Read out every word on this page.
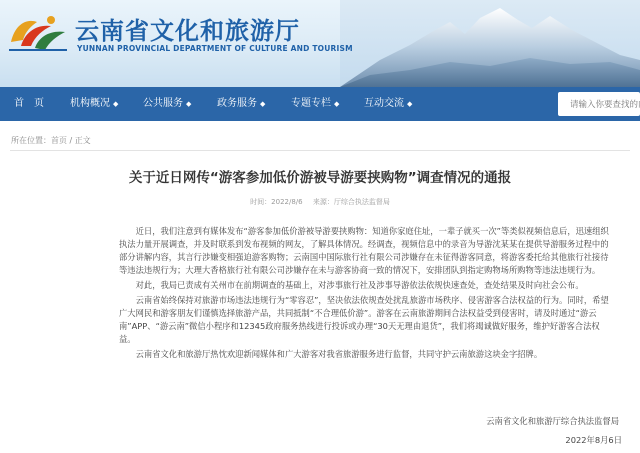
云南省文化和旅游厅
YUNNAN PROVINCIAL DEPARTMENT OF CULTURE AND TOURISM
首　页	机构概况 ◆ 公共服务 ◆	政务服务 ◆	专题专栏 ◆ 互动交流 ◆
请输入你要查找的内容
所在位置：首页 / 正文
关于近日网传“游客参加低价游被导游要挟购物”调查情况的通报
时间：2022/8/6 来源：厅综合执法监督局

近日，我们注意到有媒体发布“游客参加低价游被导游要挟购物：知道你家庭住址，一辈子就买一次”等类似视频信息后，迅速组织执法力量开展调查，并及时联系到发布视频的网友，了解具体情况。经调查，视频信息中的录音为导游沈某某在提供导游服务过程中的部分讲解内容，其言行涉嫌变相强迫游客购物；云南国中国际旅行社有限公司涉嫌存在未征得游客同意，将游客委托给其他旅行社接待等违法违规行为；大理大香格旅行社有限公司涉嫌存在未与游客协商一致的情况下，安排团队到指定购物场所购物等违法违规行为。

对此，我局已责成有关州市在前期调查的基础上，对涉事旅行社及涉事导游依法依规快速查处，查处结果及时向社会公布。

云南省始终保持对旅游市场违法违规行为“零容忍”，坚决依法依规查处扰乱旅游市场秩序、侵害游客合法权益的行为。同时，希望广大网民和游客朋友们谨慎选择旅游产品，共同抵制“不合理低价游”。游客在云南旅游期间合法权益受到侵害时，请及时通过“游云南”APP、“游云南”微信小程序和12345政府服务热线进行投诉或办理“30天无理由退货”，我们将竭诚做好服务，维护好游客合法权益。

云南省文化和旅游厅热忱欢迎新闻媒体和广大游客对我省旅游服务进行监督，共同守护云南旅游这块金字招牌。

云南省文化和旅游厅综合执法监督局
2022年8月6日
